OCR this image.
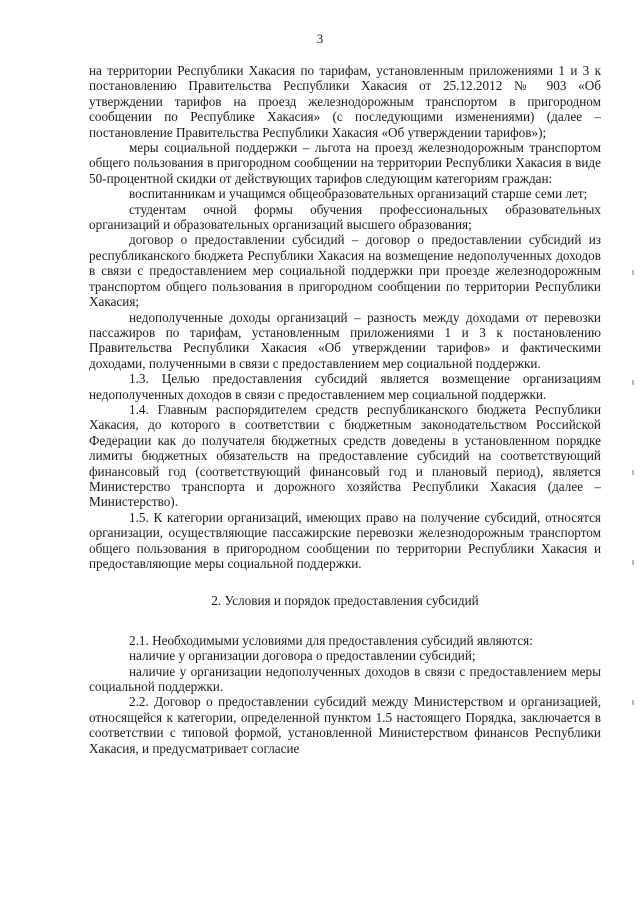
3

на территории Республики Хакасия по тарифам, установленным приложениями 1 и 3 к постановлению Правительства Республики Хакасия от 25.12.2012 № 903 «Об утверждении тарифов на проезд железнодорожным транспортом в пригородном сообщении по Республике Хакасия» (с последующими изменениями) (далее – постановление Правительства Республики Хакасия «Об утверждении тарифов»);

меры социальной поддержки – льгота на проезд железнодорожным транспортом общего пользования в пригородном сообщении на территории Республики Хакасия в виде 50-процентной скидки от действующих тарифов следующим категориям граждан:

воспитанникам и учащимся общеобразовательных организаций старше семи лет;

студентам очной формы обучения профессиональных образовательных организаций и образовательных организаций высшего образования;

договор о предоставлении субсидий – договор о предоставлении субсидий из республиканского бюджета Республики Хакасия на возмещение недополученных доходов в связи с предоставлением мер социальной поддержки при проезде железнодорожным транспортом общего пользования в пригородном сообщении по территории Республики Хакасия;

недополученные доходы организаций – разность между доходами от перевозки пассажиров по тарифам, установленным приложениями 1 и 3 к постановлению Правительства Республики Хакасия «Об утверждении тарифов» и фактическими доходами, полученными в связи с предоставлением мер социальной поддержки.

1.3. Целью предоставления субсидий является возмещение организациям недополученных доходов в связи с предоставлением мер социальной поддержки.

1.4. Главным распорядителем средств республиканского бюджета Республики Хакасия, до которого в соответствии с бюджетным законодательством Российской Федерации как до получателя бюджетных средств доведены в установленном порядке лимиты бюджетных обязательств на предоставление субсидий на соответствующий финансовый год (соответствующий финансовый год и плановый период), является Министерство транспорта и дорожного хозяйства Республики Хакасия (далее – Министерство).

1.5. К категории организаций, имеющих право на получение субсидий, относятся организации, осуществляющие пассажирские перевозки железнодорожным транспортом общего пользования в пригородном сообщении по территории Республики Хакасия и предоставляющие меры социальной поддержки.

2. Условия и порядок предоставления субсидий

2.1. Необходимыми условиями для предоставления субсидий являются:

наличие у организации договора о предоставлении субсидий;

наличие у организации недополученных доходов в связи с предоставлением меры социальной поддержки.

2.2. Договор о предоставлении субсидий между Министерством и организацией, относящейся к категории, определенной пунктом 1.5 настоящего Порядка, заключается в соответствии с типовой формой, установленной Министерством финансов Республики Хакасия, и предусматривает согласие
